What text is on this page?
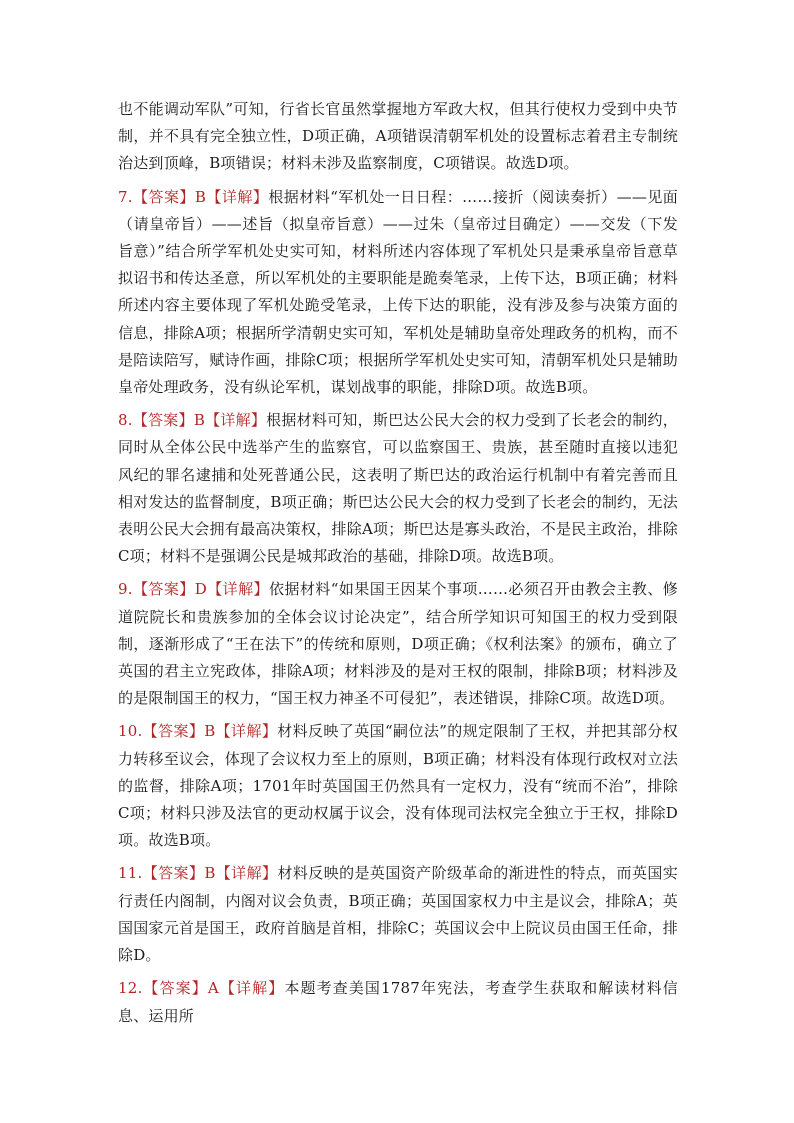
也不能调动军队”可知，行省长官虽然掌握地方军政大权，但其行使权力受到中央节制，并不具有完全独立性，D项正确，A项错误清朝军机处的设置标志着君主专制统治达到顶峰，B项错误；材料未涉及监察制度，C项错误。故选D项。

7.【答案】B【详解】根据材料“军机处一日日程：……接折（阅读奏折）——见面（请皇帝旨）——述旨（拟皇帝旨意）——过朱（皇帝过目确定）——交发（下发旨意）”结合所学军机处史实可知，材料所述内容体现了军机处只是秉承皇帝旨意草拟诏书和传达圣意，所以军机处的主要职能是跪奏笔录，上传下达，B项正确；材料所述内容主要体现了军机处跪受笔录，上传下达的职能，没有涉及参与决策方面的信息，排除A项；根据所学清朝史实可知，军机处是辅助皇帝处理政务的机构，而不是陪读陪写，赋诗作画，排除C项；根据所学军机处史实可知，清朝军机处只是辅助皇帝处理政务，没有纵论军机，谋划战事的职能，排除D项。故选B项。

8.【答案】B【详解】根据材料可知，斯巴达公民大会的权力受到了长老会的制约，同时从全体公民中选举产生的监察官，可以监察国王、贵族，甚至随时直接以违犯风纪的罪名逮捕和处死普通公民，这表明了斯巴达的政治运行机制中有着完善而且相对发达的监督制度，B项正确；斯巴达公民大会的权力受到了长老会的制约，无法表明公民大会拥有最高决策权，排除A项；斯巴达是寡头政治，不是民主政治，排除C项；材料不是强调公民是城邦政治的基础，排除D项。故选B项。

9.【答案】D【详解】依据材料“如果国王因某个事项……必须召开由教会主教、修道院院长和贵族参加的全体会议讨论决定”，结合所学知识可知国王的权力受到限制，逐渐形成了“王在法下”的传统和原则，D项正确；《权利法案》的颁布，确立了英国的君主立宪政体，排除A项；材料涉及的是对王权的限制，排除B项；材料涉及的是限制国王的权力，“国王权力神圣不可侵犯”，表述错误，排除C项。故选D项。

10.【答案】B【详解】材料反映了英国“嗣位法”的规定限制了王权，并把其部分权力转移至议会，体现了会议权力至上的原则，B项正确；材料没有体现行政权对立法的监督，排除A项；1701年时英国国王仍然具有一定权力，没有“统而不治”，排除C项；材料只涉及法官的更动权属于议会，没有体现司法权完全独立于王权，排除D项。故选B项。

11.【答案】B【详解】材料反映的是英国资产阶级革命的渐进性的特点，而英国实行责任内阁制，内阁对议会负责，B项正确；英国国家权力中主是议会，排除A；英国国家元首是国王，政府首脑是首相，排除C；英国议会中上院议员由国王任命，排除D。

12.【答案】A【详解】本题考查美国1787年宪法，考查学生获取和解读材料信息、运用所
